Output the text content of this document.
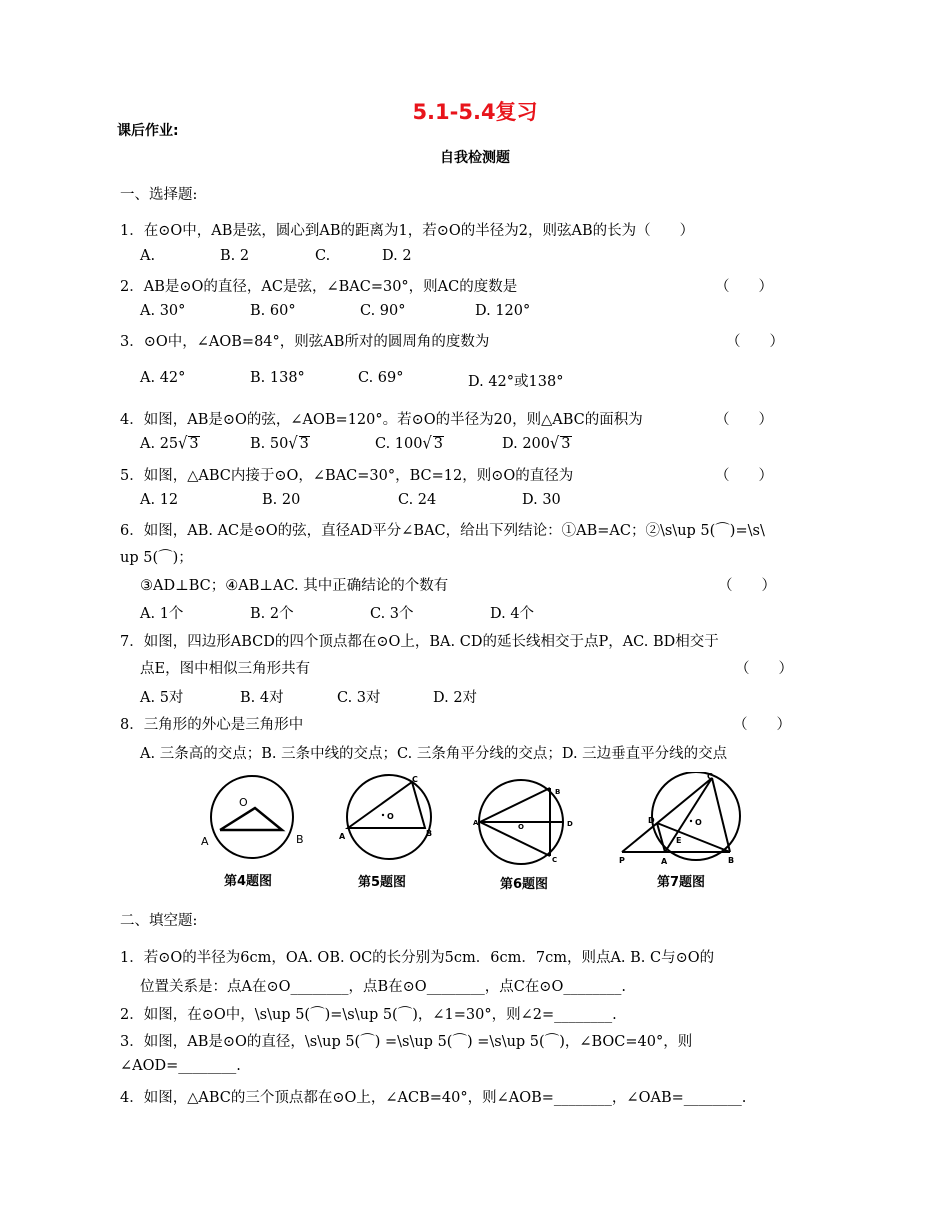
5.1-5.4复习
课后作业:
自我检测题
一、选择题:
1．在⊙O中，AB是弦，圆心到AB的距离为1，若⊙O的半径为2，则弦AB的长为（　　）
A.	B. 2	C.	D. 2
2．AB是⊙O的直径，AC是弦，∠BAC=30°，则AC的度数是	（　　）
A. 30°	B. 60°	C. 90°	D. 120°
3．⊙O中，∠AOB=84°，则弦AB所对的圆周角的度数为	（　　）
A. 42°	B. 138°	C. 69°	D. 42°或138°
4．如图，AB是⊙O的弦，∠AOB=120°。若⊙O的半径为20，则△ABC的面积为	（　　）
A. 25√ 3	B. 50√ 3	C. 100√ 3	D. 200√ 3
5．如图，△ABC内接于⊙O，∠BAC=30°，BC=12，则⊙O的直径为	（　　）
A. 12	B. 20	C. 24	D. 30
6．如图，AB. AC是⊙O的弦，直径AD平分∠BAC，给出下列结论：①AB=AC；②\s\up 5(⌒)=\s\
up 5(⌒)；
③AD⊥BC；④AB⊥AC. 其中正确结论的个数有	（　　）
A. 1个	B. 2个	C. 3个	D. 4个
7．如图，四边形ABCD的四个顶点都在⊙O上，BA. CD的延长线相交于点P，AC. BD相交于
点E，图中相似三角形共有	（　　）
A. 5对	B. 4对	C. 3对	D. 2对
8．三角形的外心是三角形中	（　　）
A. 三条高的交点；B. 三条中线的交点；C. 三条角平分线的交点；D. 三边垂直平分线的交点
O
A	B
O
A	B
C
O
A
B
C
D	O
A	B
C
D
E
P
第4题图	第5题图	第6题图	第7题图
二、填空题:
1．若⊙O的半径为6cm，OA. OB. OC的长分别为5cm．6cm．7cm，则点A. B. C与⊙O的
位置关系是：点A在⊙O________，点B在⊙O________，点C在⊙O________.
2．如图，在⊙O中，\s\up 5(⌒)=\s\up 5(⌒)，∠1=30°，则∠2=________.
3．如图，AB是⊙O的直径，\s\up 5(⌒) =\s\up 5(⌒) =\s\up 5(⌒)，∠BOC=40°，则
∠AOD=________.
4．如图，△ABC的三个顶点都在⊙O上，∠ACB=40°，则∠AOB=________，∠OAB=________.
